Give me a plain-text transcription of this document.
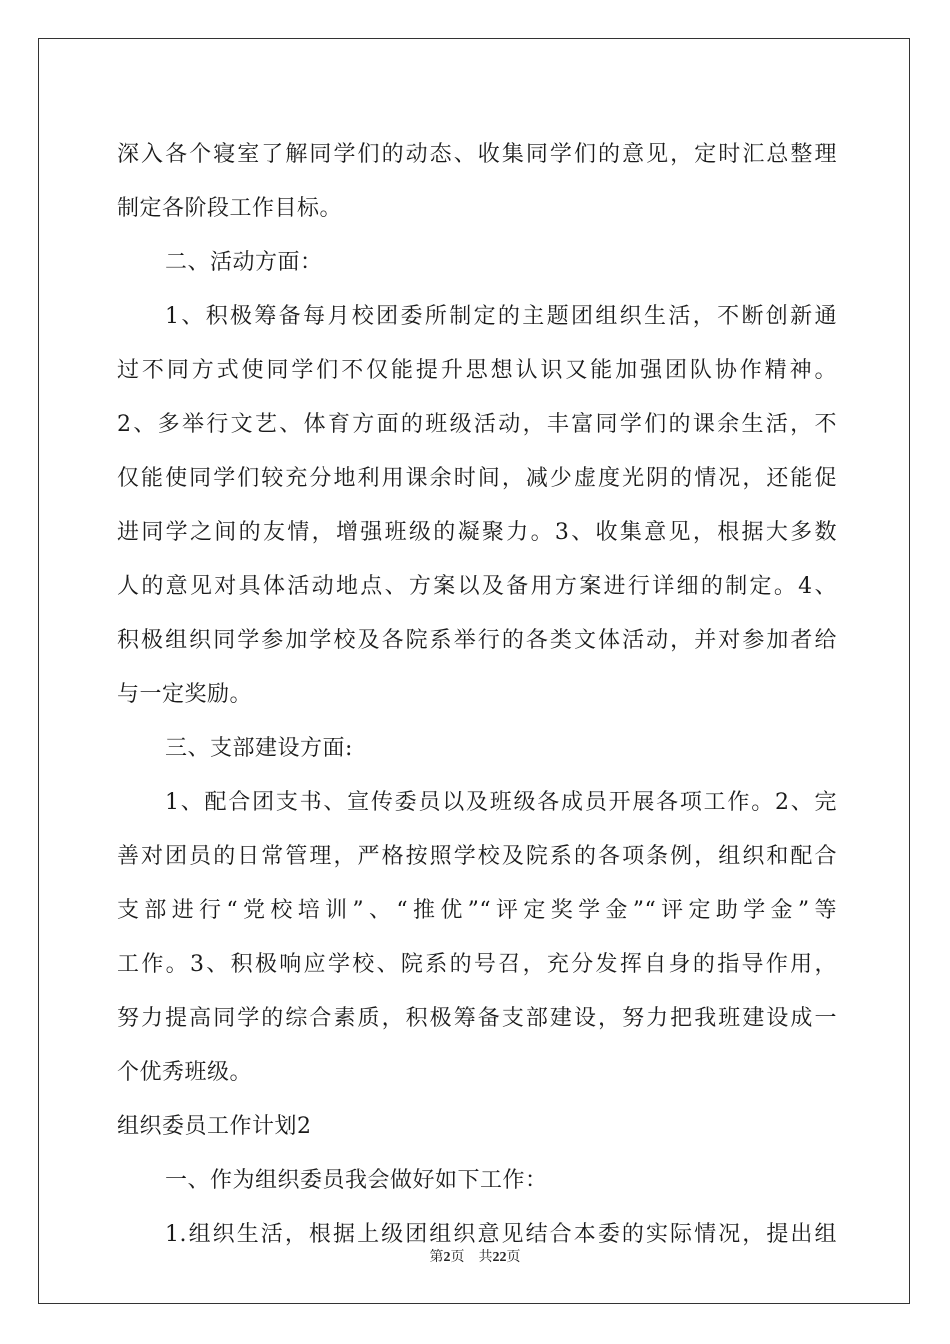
深入各个寝室了解同学们的动态、收集同学们的意见，定时汇总整理
制定各阶段工作目标。
二、活动方面：
1、积极筹备每月校团委所制定的主题团组织生活，不断创新通
过不同方式使同学们不仅能提升思想认识又能加强团队协作精神。
2、多举行文艺、体育方面的班级活动，丰富同学们的课余生活，不
仅能使同学们较充分地利用课余时间，减少虚度光阴的情况，还能促
进同学之间的友情，增强班级的凝聚力。3、收集意见，根据大多数
人的意见对具体活动地点、方案以及备用方案进行详细的制定。4、
积极组织同学参加学校及各院系举行的各类文体活动，并对参加者给
与一定奖励。
三、支部建设方面:
1、配合团支书、宣传委员以及班级各成员开展各项工作。2、完
善对团员的日常管理，严格按照学校及院系的各项条例，组织和配合
支部进行“党校培训”、“推优”“评定奖学金”“评定助学金”等
工作。3、积极响应学校、院系的号召，充分发挥自身的指导作用，
努力提高同学的综合素质，积极筹备支部建设，努力把我班建设成一
个优秀班级。
组织委员工作计划2
一、作为组织委员我会做好如下工作：
1.组织生活，根据上级团组织意见结合本委的实际情况，提出组
第2页 共22页
